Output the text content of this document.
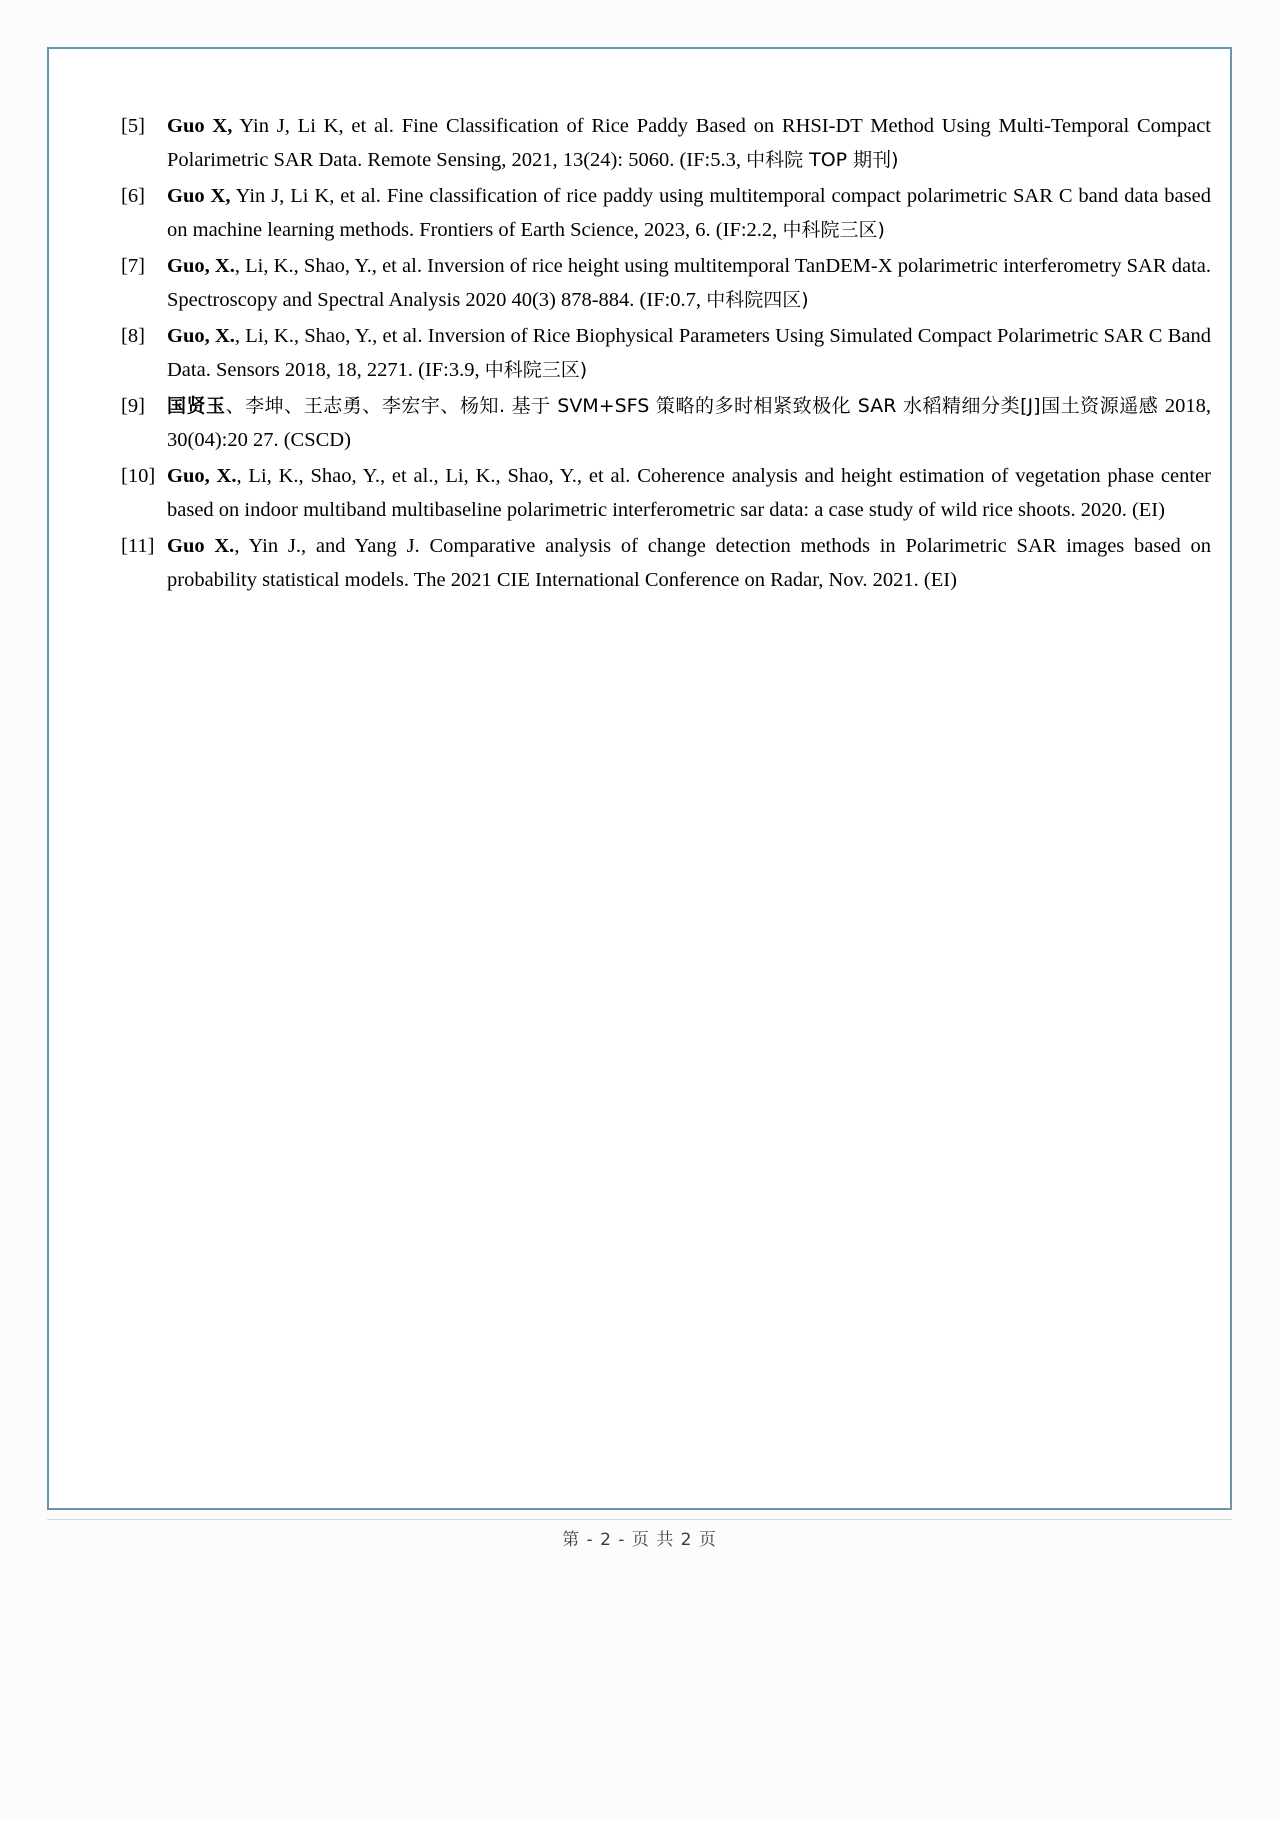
[5]	Guo X, Yin J, Li K, et al. Fine Classification of Rice Paddy Based on RHSI-DT Method Using Multi-Temporal Compact Polarimetric SAR Data. Remote Sensing, 2021, 13(24): 5060. (IF:5.3, 中科院 TOP 期刊)
[6]	Guo X, Yin J, Li K, et al. Fine classification of rice paddy using multitemporal compact polarimetric SAR C band data based on machine learning methods. Frontiers of Earth Science, 2023, 6. (IF:2.2, 中科院三区)
[7]	Guo, X., Li, K., Shao, Y., et al. Inversion of rice height using multitemporal TanDEM-X polarimetric interferometry SAR data. Spectroscopy and Spectral Analysis 2020 40(3) 878-884. (IF:0.7, 中科院四区)
[8]	Guo, X., Li, K., Shao, Y., et al. Inversion of Rice Biophysical Parameters Using Simulated Compact Polarimetric SAR C Band Data. Sensors 2018, 18, 2271. (IF:3.9, 中科院三区)
[9]	国贤玉、李坤、王志勇、李宏宇、杨知. 基于 SVM+SFS 策略的多时相紧致极化 SAR 水稻精细分类[J]国土资源遥感 2018, 30(04):20 27. (CSCD)
[10] Guo, X., Li, K., Shao, Y., et al., Li, K., Shao, Y., et al. Coherence analysis and height estimation of vegetation phase center based on indoor multiband multibaseline polarimetric interferometric sar data: a case study of wild rice shoots. 2020. (EI)
[11] Guo X., Yin J., and Yang J. Comparative analysis of change detection methods in Polarimetric SAR images based on probability statistical models. The 2021 CIE International Conference on Radar, Nov. 2021. (EI)
第 - 2 - 页 共 2 页
